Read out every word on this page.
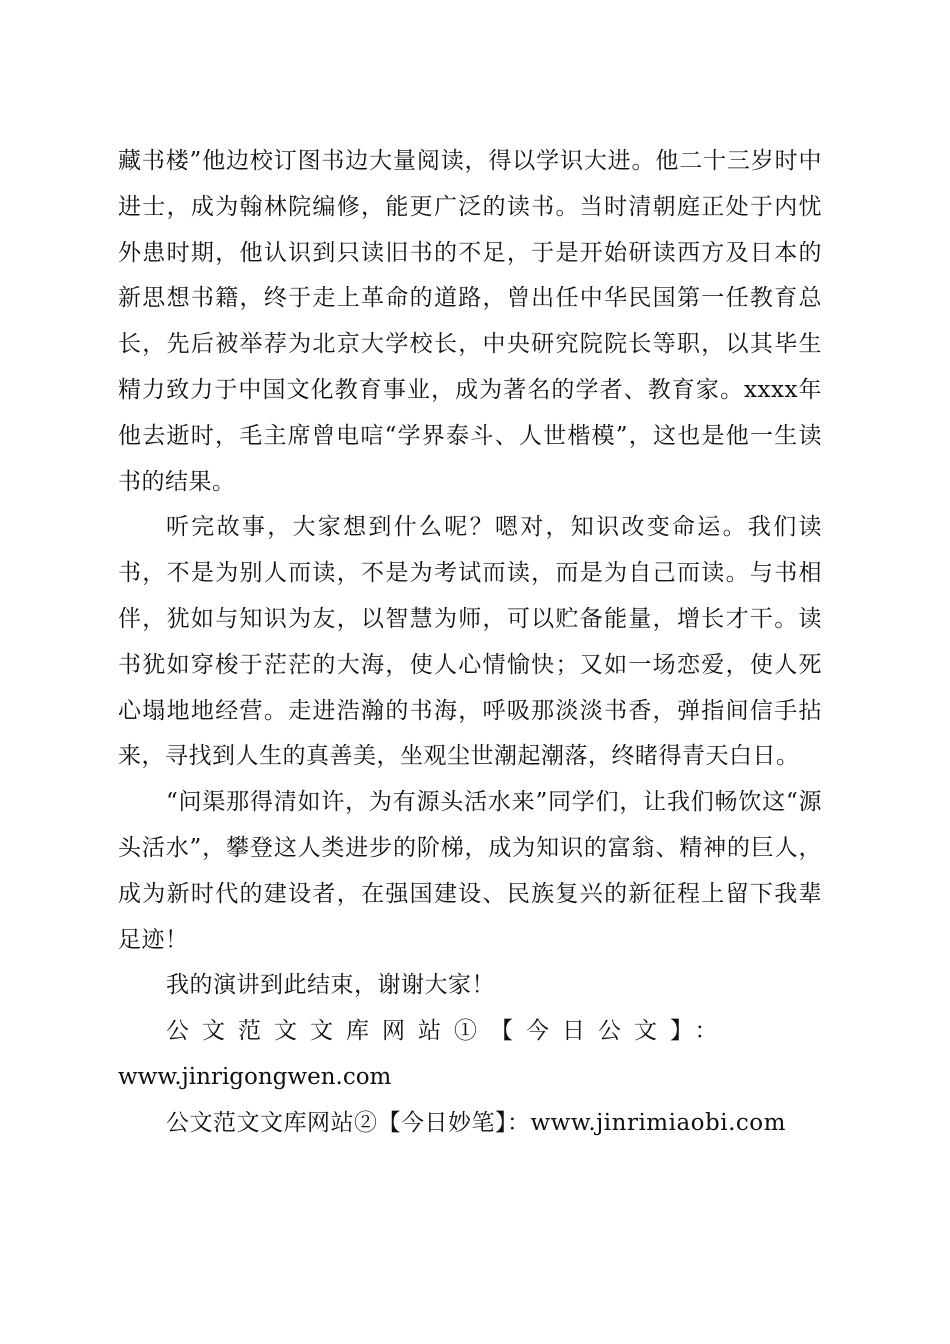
藏书楼”他边校订图书边大量阅读，得以学识大进。他二十三岁时中进士，成为翰林院编修，能更广泛的读书。当时清朝庭正处于内忧外患时期，他认识到只读旧书的不足，于是开始研读西方及日本的新思想书籍，终于走上革命的道路，曾出任中华民国第一任教育总长，先后被举荐为北京大学校长，中央研究院院长等职，以其毕生精力致力于中国文化教育事业，成为著名的学者、教育家。xxxx年他去逝时，毛主席曾电唁“学界泰斗、人世楷模”，这也是他一生读书的结果。

听完故事，大家想到什么呢？嗯对，知识改变命运。我们读书，不是为别人而读，不是为考试而读，而是为自己而读。与书相伴，犹如与知识为友，以智慧为师，可以贮备能量，增长才干。读书犹如穿梭于茫茫的大海，使人心情愉快；又如一场恋爱，使人死心塌地地经营。走进浩瀚的书海，呼吸那淡淡书香，弹指间信手拈来，寻找到人生的真善美，坐观尘世潮起潮落，终睹得青天白日。

“问渠那得清如许，为有源头活水来”同学们，让我们畅饮这“源头活水”，攀登这人类进步的阶梯，成为知识的富翁、精神的巨人，成为新时代的建设者，在强国建设、民族复兴的新征程上留下我辈足迹！

我的演讲到此结束，谢谢大家！

公文范文文库网站①【今日公文】：
www.jinrigongwen.com
公文范文文库网站②【今日妙笔】：www.jinrimiaobi.com
